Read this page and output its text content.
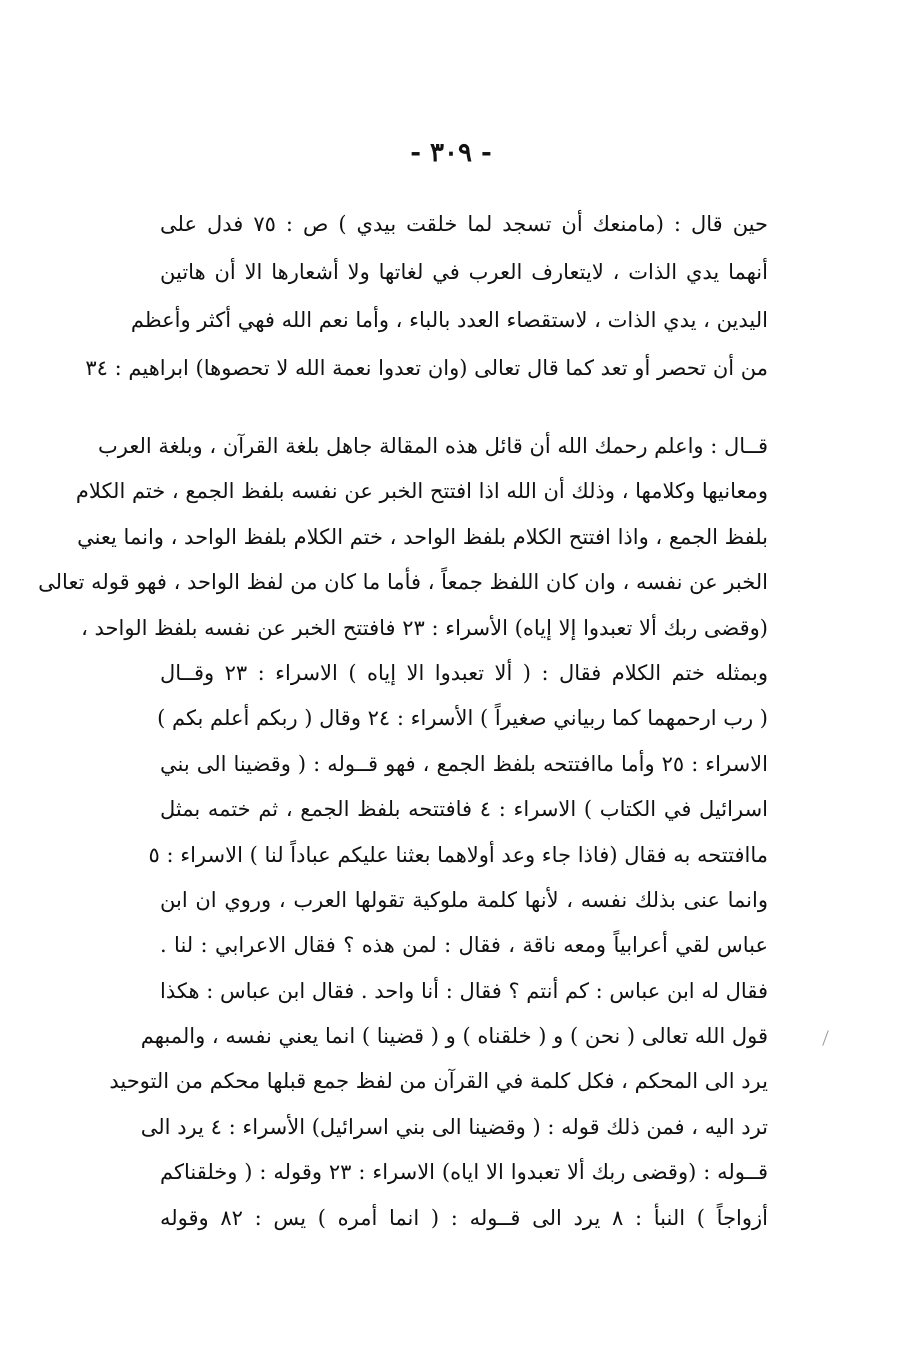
- ٣٠٩ -
حين قال : (مامنعك أن تسجد لما خلقت بيدي ) ص : ٧٥ فدل على
أنهما يدي الذات ، لايتعارف العرب في لغاتها ولا أشعارها الا أن هاتين
اليدين ، يدي الذات ، لاستقصاء العدد بالباء ، وأما نعم الله فهي أكثر وأعظم
من أن تحصر أو تعد كما قال تعالى (وان تعدوا نعمة الله لا تحصوها) ابراهيم : ٣٤
قــال : واعلم رحمك الله أن قائل هذه المقالة جاهل بلغة القرآن ، وبلغة العرب
ومعانيها وكلامها ، وذلك أن الله اذا افتتح الخبر عن نفسه بلفظ الجمع ، ختم الكلام
بلفظ الجمع ، واذا افتتح الكلام بلفظ الواحد ، ختم الكلام بلفظ الواحد ، وانما يعني
الخبر عن نفسه ، وان كان اللفظ جمعاً ، فأما ما كان من لفظ الواحد ، فهو قوله تعالى
(وقضى ربك ألا تعبدوا إلا إياه) الأسراء : ٢٣ فافتتح الخبر عن نفسه بلفظ الواحد ،
وبمثله ختم الكلام فقال : ( ألا تعبدوا الا إياه ) الاسراء : ٢٣ وقــال
( رب ارحمهما كما ربياني صغيراً ) الأسراء : ٢٤ وقال ( ربكم أعلم بكم )
الاسراء : ٢٥ وأما ماافتتحه بلفظ الجمع ، فهو قــوله : ( وقضينا الى بني
اسرائيل في الكتاب ) الاسراء : ٤ فافتتحه بلفظ الجمع ، ثم ختمه بمثل
ماافتتحه به فقال (فاذا جاء وعد أولاهما بعثنا عليكم عباداً لنا ) الاسراء : ٥
وانما عنى بذلك نفسه ، لأنها كلمة ملوكية تقولها العرب ، وروي ان ابن
عباس لقي أعرابياً ومعه ناقة ، فقال : لمن هذه ؟ فقال الاعرابي : لنا .
فقال له ابن عباس : كم أنتم ؟ فقال : أنا واحد . فقال ابن عباس : هكذا
قول الله تعالى ( نحن ) و ( خلقناه ) و ( قضينا ) انما يعني نفسه ، والمبهم
يرد الى المحكم ، فكل كلمة في القرآن من لفظ جمع قبلها محكم من التوحيد
ترد اليه ، فمن ذلك قوله : ( وقضينا الى بني اسرائيل) الأسراء : ٤ يرد الى
قــوله : (وقضى ربك ألا تعبدوا الا اياه) الاسراء : ٢٣ وقوله : ( وخلقناكم
أزواجاً ) النبأ : ٨ يرد الى قــوله : ( انما أمره ) يس : ٨٢ وقوله
